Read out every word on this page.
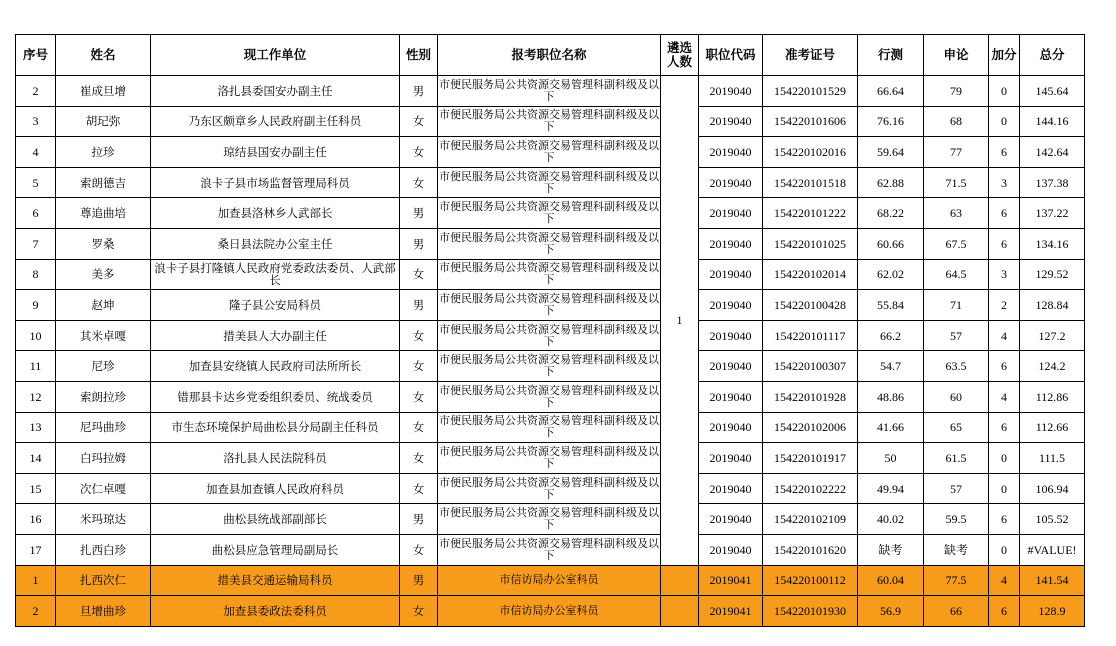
序号	姓名	现工作单位	性别	报考职位名称	遴选人数	职位代码	准考证号	行测	申论	加分	总分
2	崔成旦增	洛扎县委国安办副主任	男	市便民服务局公共资源交易管理科副科级及以下	1	2019040	154220101529	66.64	79	0	145.64
3	胡玘弥	乃东区颇章乡人民政府副主任科员	女	市便民服务局公共资源交易管理科副科级及以下		2019040	154220101606	76.16	68	0	144.16
4	拉珍	琼结县国安办副主任	女	市便民服务局公共资源交易管理科副科级及以下		2019040	154220102016	59.64	77	6	142.64
5	索朗德吉	浪卡子县市场监督管理局科员	女	市便民服务局公共资源交易管理科副科级及以下		2019040	154220101518	62.88	71.5	3	137.38
6	尊追曲培	加查县洛林乡人武部长	男	市便民服务局公共资源交易管理科副科级及以下		2019040	154220101222	68.22	63	6	137.22
7	罗桑	桑日县法院办公室主任	男	市便民服务局公共资源交易管理科副科级及以下		2019040	154220101025	60.66	67.5	6	134.16
8	美多	浪卡子县打隆镇人民政府党委政法委员、人武部长	女	市便民服务局公共资源交易管理科副科级及以下		2019040	154220102014	62.02	64.5	3	129.52
9	赵坤	隆子县公安局科员	男	市便民服务局公共资源交易管理科副科级及以下		2019040	154220100428	55.84	71	2	128.84
10	其米卓嘎	措美县人大办副主任	女	市便民服务局公共资源交易管理科副科级及以下		2019040	154220101117	66.2	57	4	127.2
11	尼珍	加查县安绕镇人民政府司法所所长	女	市便民服务局公共资源交易管理科副科级及以下		2019040	154220100307	54.7	63.5	6	124.2
12	索朗拉珍	错那县卡达乡党委组织委员、统战委员	女	市便民服务局公共资源交易管理科副科级及以下		2019040	154220101928	48.86	60	4	112.86
13	尼玛曲珍	市生态环境保护局曲松县分局副主任科员	女	市便民服务局公共资源交易管理科副科级及以下		2019040	154220102006	41.66	65	6	112.66
14	白玛拉姆	洛扎县人民法院科员	女	市便民服务局公共资源交易管理科副科级及以下		2019040	154220101917	50	61.5	0	111.5
15	次仁卓嘎	加查县加查镇人民政府科员	女	市便民服务局公共资源交易管理科副科级及以下		2019040	154220102222	49.94	57	0	106.94
16	米玛琼达	曲松县统战部副部长	男	市便民服务局公共资源交易管理科副科级及以下		2019040	154220102109	40.02	59.5	6	105.52
17	扎西白珍	曲松县应急管理局副局长	女	市便民服务局公共资源交易管理科副科级及以下		2019040	154220101620	缺考	缺考	0	#VALUE!
1	扎西次仁	措美县交通运输局科员	男	市信访局办公室科员		2019041	154220100112	60.04	77.5	4	141.54
2	旦增曲珍	加查县委政法委科员	女	市信访局办公室科员		2019041	154220101930	56.9	66	6	128.9
